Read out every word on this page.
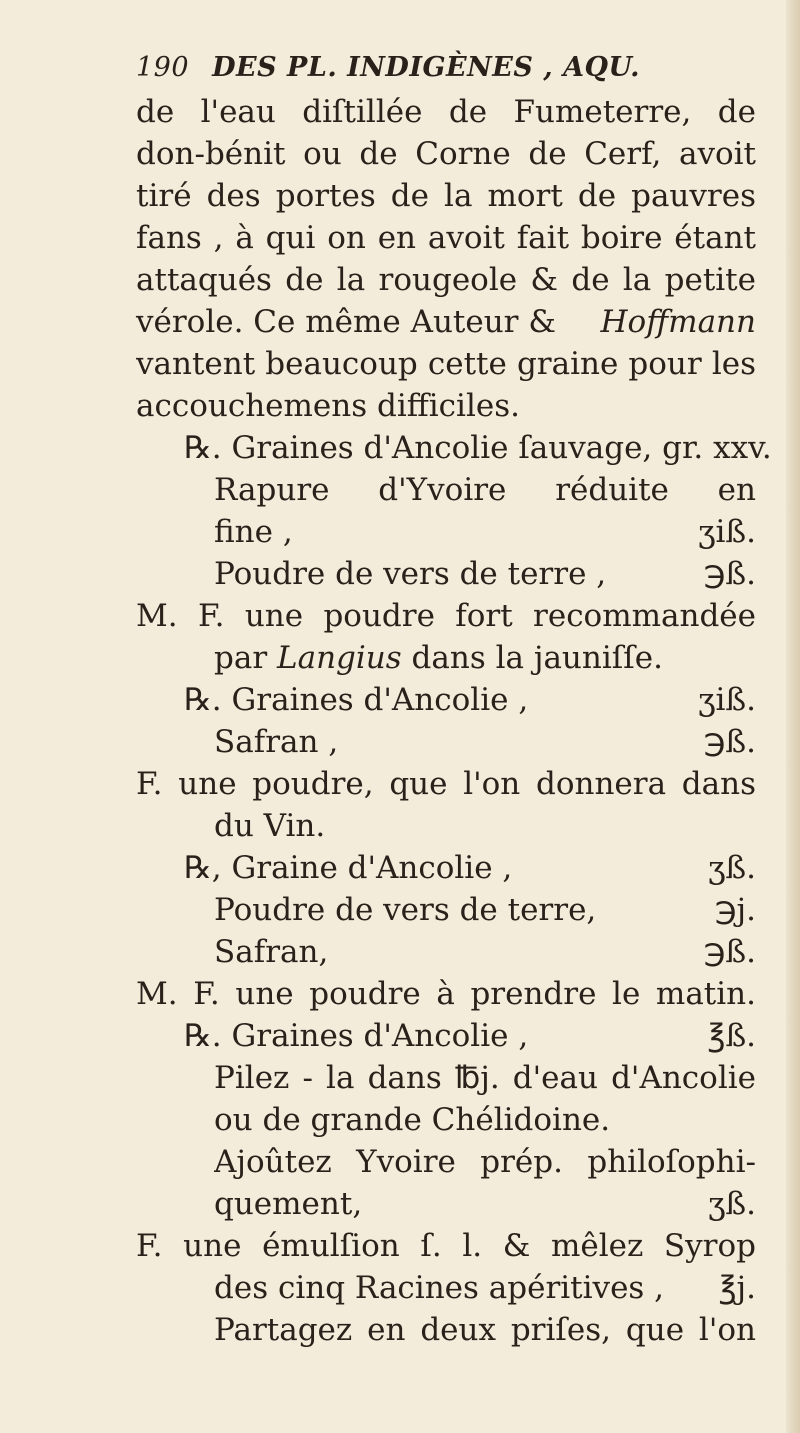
190 DES PL. INDIGÈNES , AQU.
de l'eau diſtillée de Fumeterre, de
don-bénit ou de Corne de Cerf, avoit
tiré des portes de la mort de pauvres
fans , à qui on en avoit fait boire étant
attaqués de la rougeole & de la petite
vérole. Ce même Auteur & Hoffmann
vantent beaucoup cette graine pour les
accouchemens difficiles.
℞. Graines d'Ancolie ſauvage, gr. xxv.
Rapure d'Yvoire réduite en
fine ,	ʒiß.
Poudre de vers de terre ,	℈ß.
M. F. une poudre fort recommandée
par Langius dans la jauniſſe.
℞. Graines d'Ancolie ,	ʒiß.
Safran ,	℈ß.
F. une poudre, que l'on donnera dans
du Vin.
℞, Graine d'Ancolie ,	ʒß.
Poudre de vers de terre,	℈j.
Safran,	℈ß.
M. F. une poudre à prendre le matin.
℞. Graines d'Ancolie ,	℥ß.
Pilez - la dans ℔j. d'eau d'Ancolie
ou de grande Chélidoine.
Ajoûtez Yvoire prép. philoſophi-
quement,	ʒß.
F. une émulſion ſ. l. & mêlez Syrop
des cinq Racines apéritives , ℥j.
Partagez en deux priſes, que l'on
